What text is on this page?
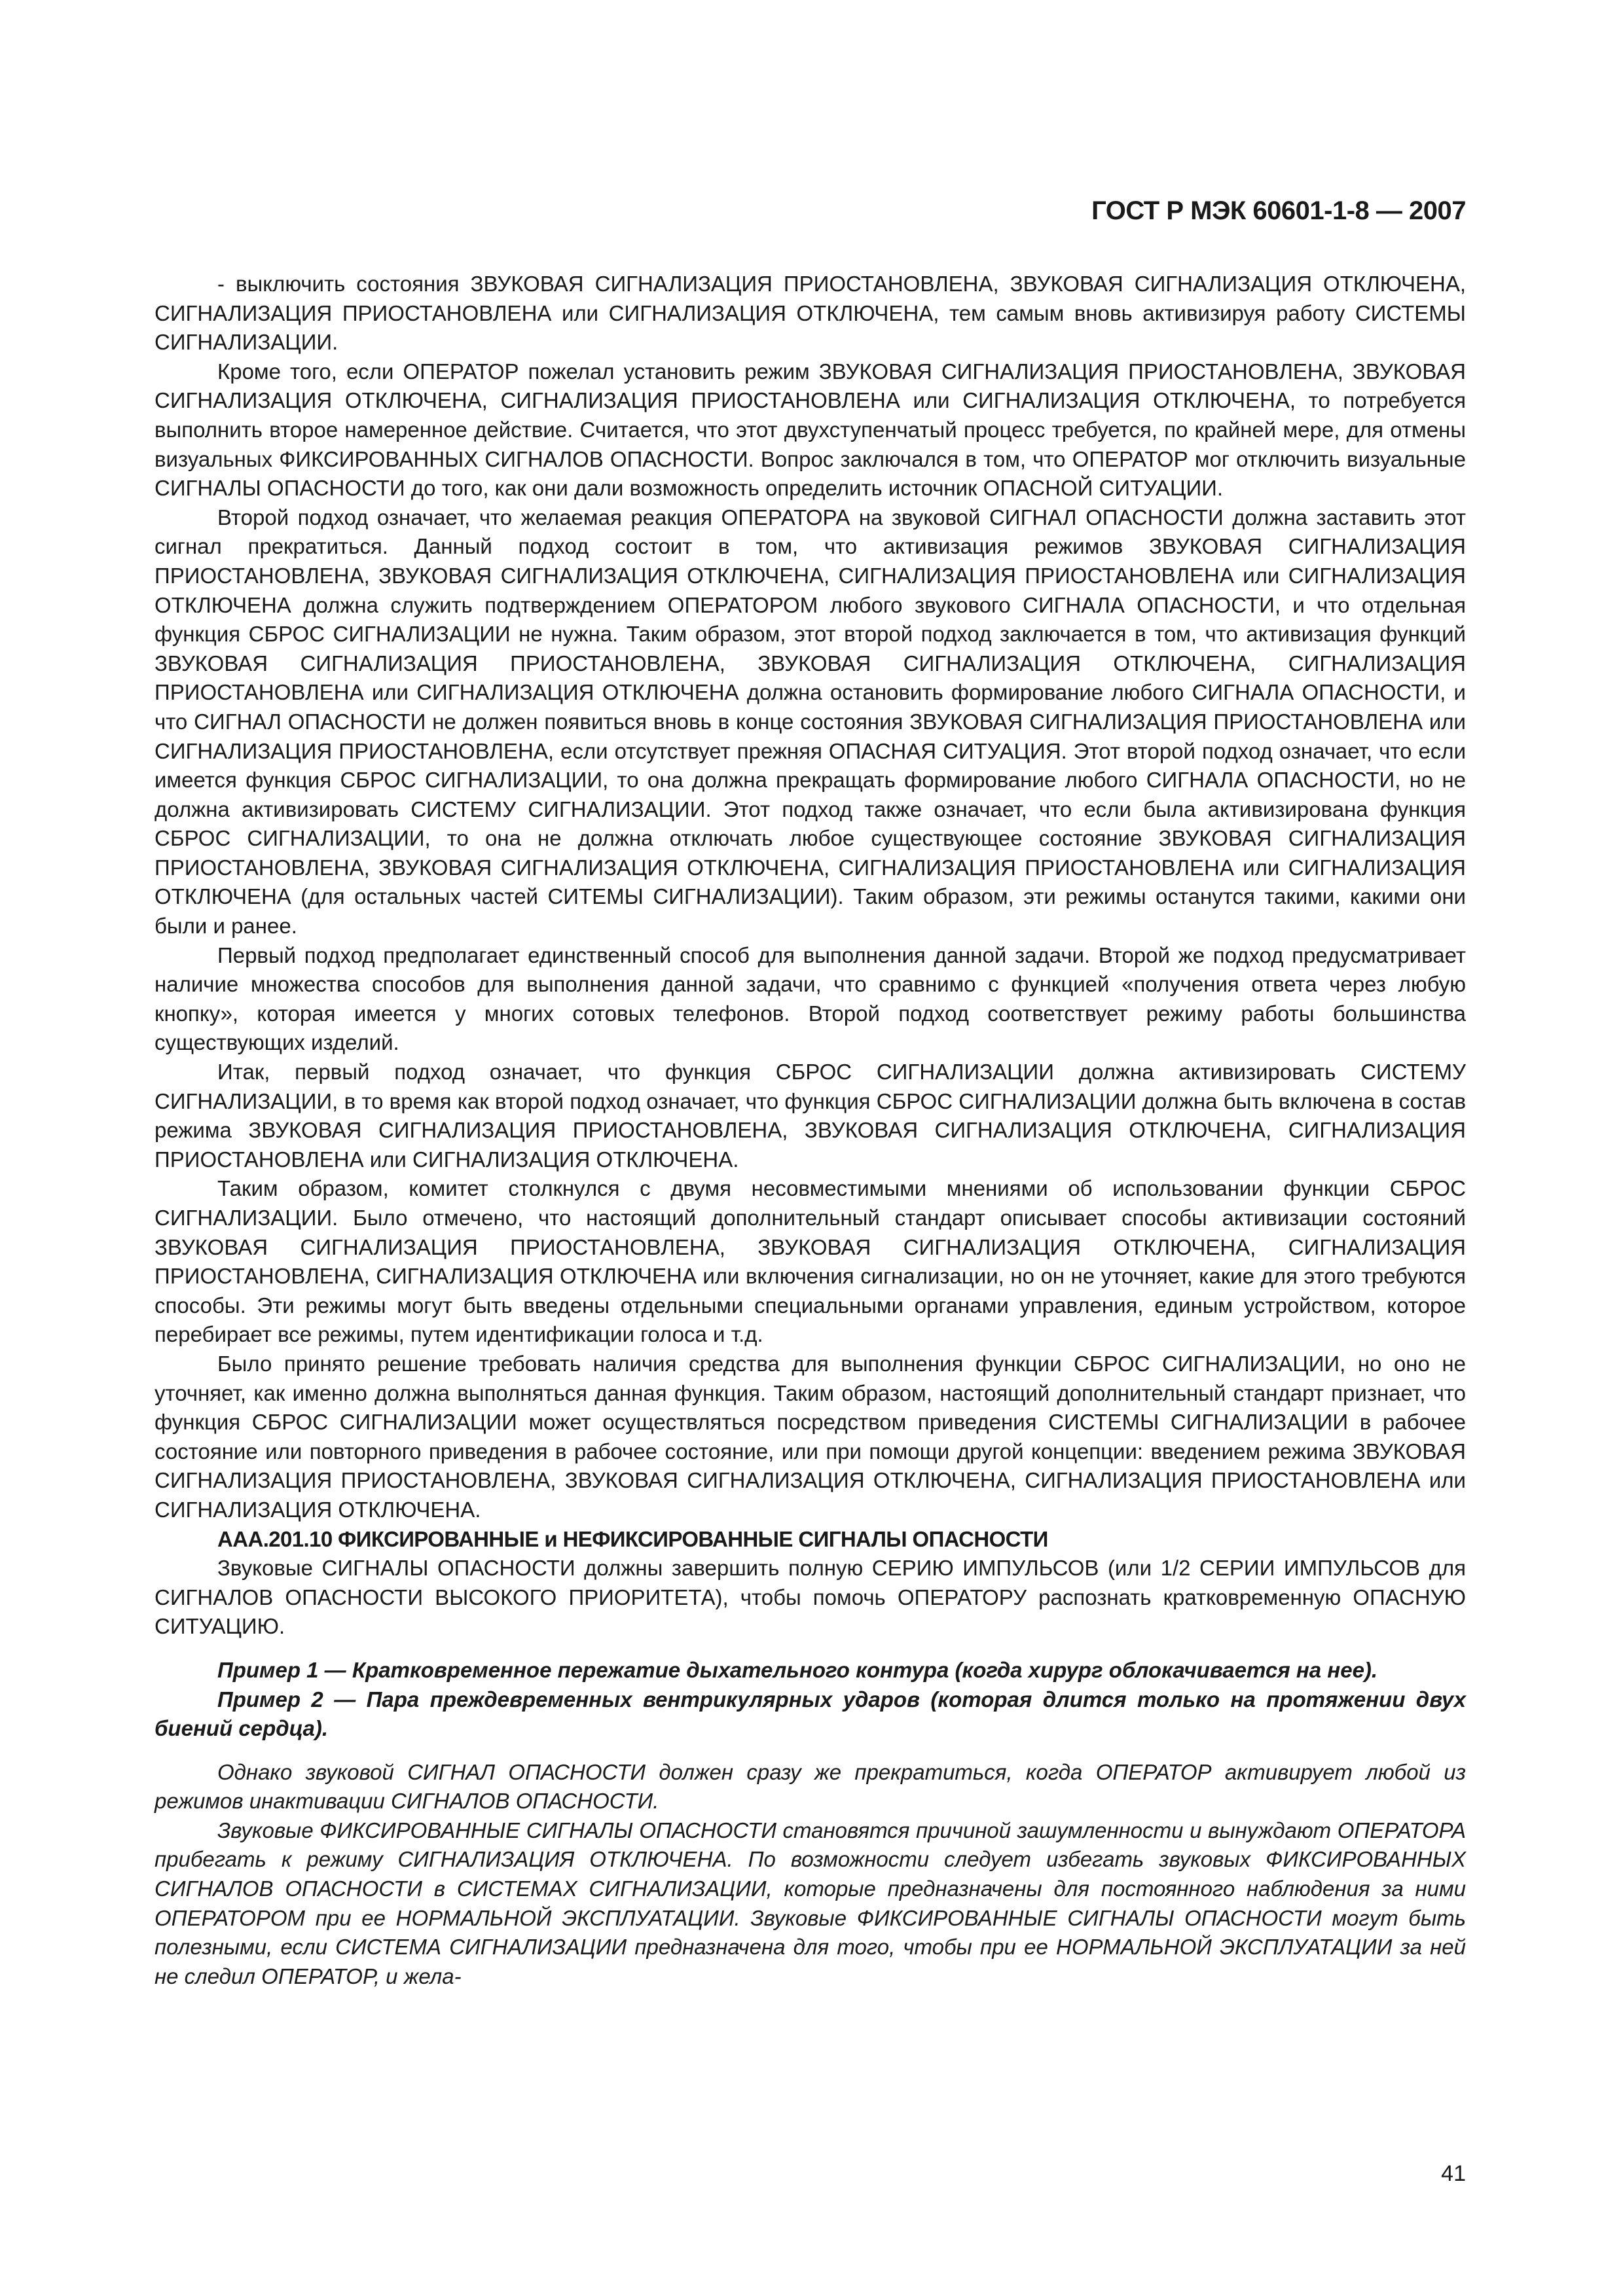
ГОСТ Р МЭК 60601-1-8 — 2007

- выключить состояния ЗВУКОВАЯ СИГНАЛИЗАЦИЯ ПРИОСТАНОВЛЕНА, ЗВУКОВАЯ СИГНАЛИЗАЦИЯ ОТКЛЮЧЕНА, СИГНАЛИЗАЦИЯ ПРИОСТАНОВЛЕНА или СИГНАЛИЗАЦИЯ ОТКЛЮЧЕНА, тем самым вновь активизируя работу СИСТЕМЫ СИГНАЛИЗАЦИИ.

Кроме того, если ОПЕРАТОР пожелал установить режим ЗВУКОВАЯ СИГНАЛИЗАЦИЯ ПРИОСТАНОВЛЕНА, ЗВУКОВАЯ СИГНАЛИЗАЦИЯ ОТКЛЮЧЕНА, СИГНАЛИЗАЦИЯ ПРИОСТАНОВЛЕНА или СИГНАЛИЗАЦИЯ ОТКЛЮЧЕНА, то потребуется выполнить второе намеренное действие. Считается, что этот двухступенчатый процесс требуется, по крайней мере, для отмены визуальных ФИКСИРОВАННЫХ СИГНАЛОВ ОПАСНОСТИ. Вопрос заключался в том, что ОПЕРАТОР мог отключить визуальные СИГНАЛЫ ОПАСНОСТИ до того, как они дали возможность определить источник ОПАСНОЙ СИТУАЦИИ.

Второй подход означает, что желаемая реакция ОПЕРАТОРА на звуковой СИГНАЛ ОПАСНОСТИ должна заставить этот сигнал прекратиться. Данный подход состоит в том, что активизация режимов ЗВУКОВАЯ СИГНАЛИЗАЦИЯ ПРИОСТАНОВЛЕНА, ЗВУКОВАЯ СИГНАЛИЗАЦИЯ ОТКЛЮЧЕНА, СИГНАЛИЗАЦИЯ ПРИОСТАНОВЛЕНА или СИГНАЛИЗАЦИЯ ОТКЛЮЧЕНА должна служить подтверждением ОПЕРАТОРОМ любого звукового СИГНАЛА ОПАСНОСТИ, и что отдельная функция СБРОС СИГНАЛИЗАЦИИ не нужна. Таким образом, этот второй подход заключается в том, что активизация функций ЗВУКОВАЯ СИГНАЛИЗАЦИЯ ПРИОСТАНОВЛЕНА, ЗВУКОВАЯ СИГНАЛИЗАЦИЯ ОТКЛЮЧЕНА, СИГНАЛИЗАЦИЯ ПРИОСТАНОВЛЕНА или СИГНАЛИЗАЦИЯ ОТКЛЮЧЕНА должна остановить формирование любого СИГНАЛА ОПАСНОСТИ, и что СИГНАЛ ОПАСНОСТИ не должен появиться вновь в конце состояния ЗВУКОВАЯ СИГНАЛИЗАЦИЯ ПРИОСТАНОВЛЕНА или СИГНАЛИЗАЦИЯ ПРИОСТАНОВЛЕНА, если отсутствует прежняя ОПАСНАЯ СИТУАЦИЯ. Этот второй подход означает, что если имеется функция СБРОС СИГНАЛИЗАЦИИ, то она должна прекращать формирование любого СИГНАЛА ОПАСНОСТИ, но не должна активизировать СИСТЕМУ СИГНАЛИЗАЦИИ. Этот подход также означает, что если была активизирована функция СБРОС СИГНАЛИЗАЦИИ, то она не должна отключать любое существующее состояние ЗВУКОВАЯ СИГНАЛИЗАЦИЯ ПРИОСТАНОВЛЕНА, ЗВУКОВАЯ СИГНАЛИЗАЦИЯ ОТКЛЮЧЕНА, СИГНАЛИЗАЦИЯ ПРИОСТАНОВЛЕНА или СИГНАЛИЗАЦИЯ ОТКЛЮЧЕНА (для остальных частей СИТЕМЫ СИГНАЛИЗАЦИИ). Таким образом, эти режимы останутся такими, какими они были и ранее.

Первый подход предполагает единственный способ для выполнения данной задачи. Второй же подход предусматривает наличие множества способов для выполнения данной задачи, что сравнимо с функцией «получения ответа через любую кнопку», которая имеется у многих сотовых телефонов. Второй подход соответствует режиму работы большинства существующих изделий.

Итак, первый подход означает, что функция СБРОС СИГНАЛИЗАЦИИ должна активизировать СИСТЕМУ СИГНАЛИЗАЦИИ, в то время как второй подход означает, что функция СБРОС СИГНАЛИЗАЦИИ должна быть включена в состав режима ЗВУКОВАЯ СИГНАЛИЗАЦИЯ ПРИОСТАНОВЛЕНА, ЗВУКОВАЯ СИГНАЛИЗАЦИЯ ОТКЛЮЧЕНА, СИГНАЛИЗАЦИЯ ПРИОСТАНОВЛЕНА или СИГНАЛИЗАЦИЯ ОТКЛЮЧЕНА.

Таким образом, комитет столкнулся с двумя несовместимыми мнениями об использовании функции СБРОС СИГНАЛИЗАЦИИ. Было отмечено, что настоящий дополнительный стандарт описывает способы активизации состояний ЗВУКОВАЯ СИГНАЛИЗАЦИЯ ПРИОСТАНОВЛЕНА, ЗВУКОВАЯ СИГНАЛИЗАЦИЯ ОТКЛЮЧЕНА, СИГНАЛИЗАЦИЯ ПРИОСТАНОВЛЕНА, СИГНАЛИЗАЦИЯ ОТКЛЮЧЕНА или включения сигнализации, но он не уточняет, какие для этого требуются способы. Эти режимы могут быть введены отдельными специальными органами управления, единым устройством, которое перебирает все режимы, путем идентификации голоса и т.д.

Было принято решение требовать наличия средства для выполнения функции СБРОС СИГНАЛИЗАЦИИ, но оно не уточняет, как именно должна выполняться данная функция. Таким образом, настоящий дополнительный стандарт признает, что функция СБРОС СИГНАЛИЗАЦИИ может осуществляться посредством приведения СИСТЕМЫ СИГНАЛИЗАЦИИ в рабочее состояние или повторного приведения в рабочее состояние, или при помощи другой концепции: введением режима ЗВУКОВАЯ СИГНАЛИЗАЦИЯ ПРИОСТАНОВЛЕНА, ЗВУКОВАЯ СИГНАЛИЗАЦИЯ ОТКЛЮЧЕНА, СИГНАЛИЗАЦИЯ ПРИОСТАНОВЛЕНА или СИГНАЛИЗАЦИЯ ОТКЛЮЧЕНА.

ААА.201.10 ФИКСИРОВАННЫЕ и НЕФИКСИРОВАННЫЕ СИГНАЛЫ ОПАСНОСТИ

Звуковые СИГНАЛЫ ОПАСНОСТИ должны завершить полную СЕРИЮ ИМПУЛЬСОВ (или 1/2 СЕРИИ ИМПУЛЬСОВ для СИГНАЛОВ ОПАСНОСТИ ВЫСОКОГО ПРИОРИТЕТА), чтобы помочь ОПЕРАТОРУ распознать кратковременную ОПАСНУЮ СИТУАЦИЮ.

Пример 1 — Кратковременное пережатие дыхательного контура (когда хирург облокачивается на нее).

Пример 2 — Пара преждевременных вентрикулярных ударов (которая длится только на протяжении двух биений сердца).

Однако звуковой СИГНАЛ ОПАСНОСТИ должен сразу же прекратиться, когда ОПЕРАТОР активирует любой из режимов инактивации СИГНАЛОВ ОПАСНОСТИ.

Звуковые ФИКСИРОВАННЫЕ СИГНАЛЫ ОПАСНОСТИ становятся причиной зашумленности и вынуждают ОПЕРАТОРА прибегать к режиму СИГНАЛИЗАЦИЯ ОТКЛЮЧЕНА. По возможности следует избегать звуковых ФИКСИРОВАННЫХ СИГНАЛОВ ОПАСНОСТИ в СИСТЕМАХ СИГНАЛИЗАЦИИ, которые предназначены для постоянного наблюдения за ними ОПЕРАТОРОМ при ее НОРМАЛЬНОЙ ЭКСПЛУАТАЦИИ. Звуковые ФИКСИРОВАННЫЕ СИГНАЛЫ ОПАСНОСТИ могут быть полезными, если СИСТЕМА СИГНАЛИЗАЦИИ предназначена для того, чтобы при ее НОРМАЛЬНОЙ ЭКСПЛУАТАЦИИ за ней не следил ОПЕРАТОР, и жела-

41
